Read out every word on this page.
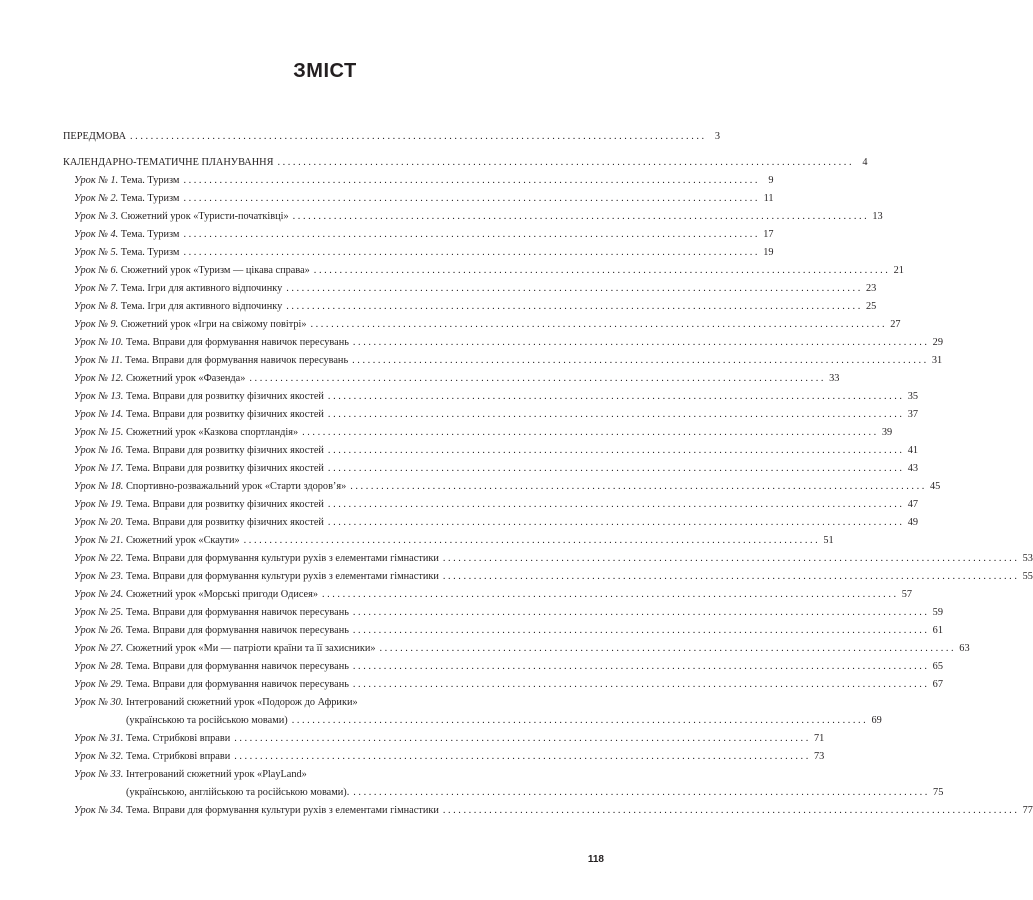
ЗМІСТ
ПЕРЕДМОВА . . .	3
КАЛЕНДАРНО-ТЕМАТИЧНЕ ПЛАНУВАННЯ . . .	4
Урок № 1. Тема. Туризм . . .	9
Урок № 2. Тема. Туризм . . .	11
Урок № 3. Сюжетний урок «Туристи-початківці» . . .	13
Урок № 4. Тема. Туризм . . .	17
Урок № 5. Тема. Туризм . . .	19
Урок № 6. Сюжетний урок «Туризм — цікава справа» . . .	21
Урок № 7. Тема. Ігри для активного відпочинку . . .	23
Урок № 8. Тема. Ігри для активного відпочинку . . .	25
Урок № 9. Сюжетний урок «Ігри на свіжому повітрі» . . .	27
Урок № 10. Тема. Вправи для формування навичок пересувань . . .	29
Урок № 11. Тема. Вправи для формування навичок пересувань . . .	31
Урок № 12. Сюжетний урок «Фазенда» . . .	33
Урок № 13. Тема. Вправи для розвитку фізичних якостей . . .	35
Урок № 14. Тема. Вправи для розвитку фізичних якостей . . .	37
Урок № 15. Сюжетний урок «Казкова спортландія» . . .	39
Урок № 16. Тема. Вправи для розвитку фізичних якостей . . .	41
Урок № 17. Тема. Вправи для розвитку фізичних якостей . . .	43
Урок № 18. Спортивно-розважальний урок «Старти здоров’я» . . .	45
Урок № 19. Тема. Вправи для розвитку фізичних якостей . . .	47
Урок № 20. Тема. Вправи для розвитку фізичних якостей . . .	49
Урок № 21. Сюжетний урок «Скаути» . . .	51
Урок № 22. Тема. Вправи для формування культури рухів з елементами гімнастики . . .	53
Урок № 23. Тема. Вправи для формування культури рухів з елементами гімнастики . . .	55
Урок № 24. Сюжетний урок «Морські пригоди Одисея» . . .	57
Урок № 25. Тема. Вправи для формування навичок пересувань . . .	59
Урок № 26. Тема. Вправи для формування навичок пересувань . . .	61
Урок № 27. Сюжетний урок «Ми — патріоти країни та її захисники» . . .	63
Урок № 28. Тема. Вправи для формування навичок пересувань . . .	65
Урок № 29. Тема. Вправи для формування навичок пересувань . . .	67
Урок № 30. Інтегрований сюжетний урок «Подорож до Африки»
(українською та російською мовами) . . .	69
Урок № 31. Тема. Стрибкові вправи . . .	71
Урок № 32. Тема. Стрибкові вправи . . .	73
Урок № 33. Інтегрований сюжетний урок «PlayLand»
(українською, англійською та російською мовами). . . .	75
Урок № 34. Тема. Вправи для формування культури рухів з елементами гімнастики . . .	77
118
